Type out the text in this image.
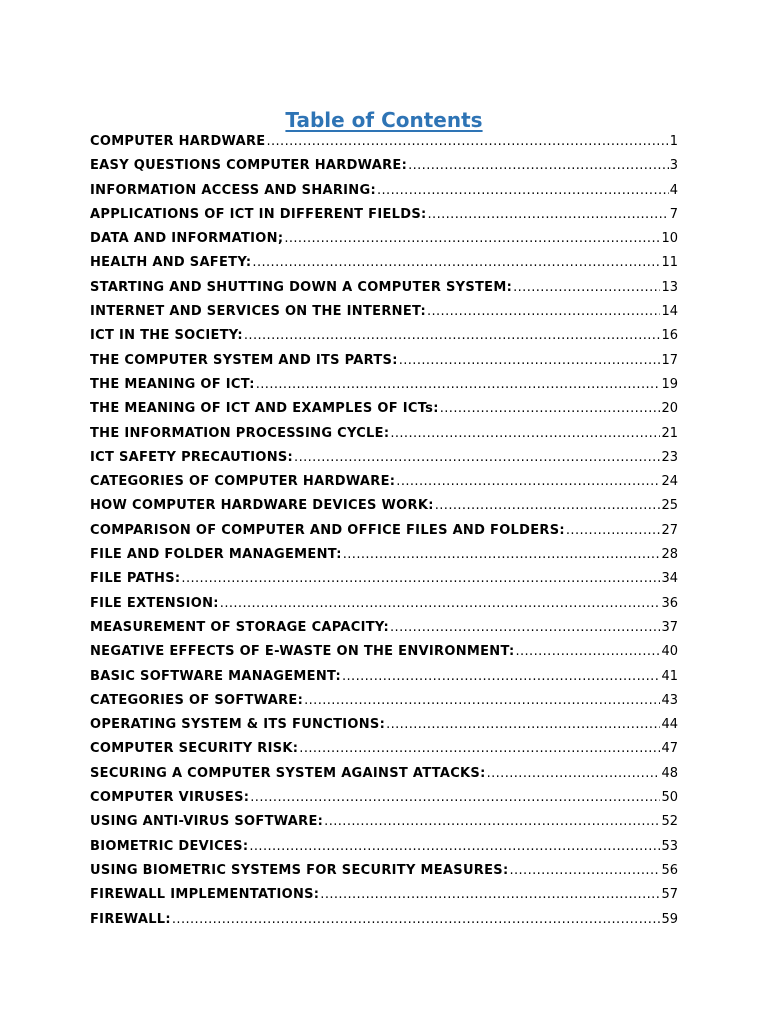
Table of Contents
COMPUTER HARDWARE .....	1
EASY QUESTIONS COMPUTER HARDWARE: .....	3
INFORMATION ACCESS AND SHARING: .....	4
APPLICATIONS OF ICT IN DIFFERENT FIELDS: .....	7
DATA AND INFORMATION; .....	10
HEALTH AND SAFETY: .....	11
STARTING AND SHUTTING DOWN A COMPUTER SYSTEM: .....	13
INTERNET AND SERVICES ON THE INTERNET: .....	14
ICT IN THE SOCIETY: .....	16
THE COMPUTER SYSTEM AND ITS PARTS: .....	17
THE MEANING OF ICT: .....	19
THE MEANING OF ICT AND EXAMPLES OF ICTs: .....	20
THE INFORMATION PROCESSING CYCLE: .....	21
ICT SAFETY PRECAUTIONS: .....	23
CATEGORIES OF COMPUTER HARDWARE: .....	24
HOW COMPUTER HARDWARE DEVICES WORK: .....	25
COMPARISON OF COMPUTER AND OFFICE FILES AND FOLDERS: .....	27
FILE AND FOLDER MANAGEMENT: .....	28
FILE PATHS: .....	34
FILE EXTENSION: .....	36
MEASUREMENT OF STORAGE CAPACITY: .....	37
NEGATIVE EFFECTS OF E-WASTE ON THE ENVIRONMENT: .....	40
BASIC SOFTWARE MANAGEMENT: .....	41
CATEGORIES OF SOFTWARE: .....	43
OPERATING SYSTEM & ITS FUNCTIONS: .....	44
COMPUTER SECURITY RISK: .....	47
SECURING A COMPUTER SYSTEM AGAINST ATTACKS: .....	48
COMPUTER VIRUSES: .....	50
USING ANTI-VIRUS SOFTWARE: .....	52
BIOMETRIC DEVICES: .....	53
USING BIOMETRIC SYSTEMS FOR SECURITY MEASURES: .....	56
FIREWALL IMPLEMENTATIONS: .....	57
FIREWALL: .....	59
